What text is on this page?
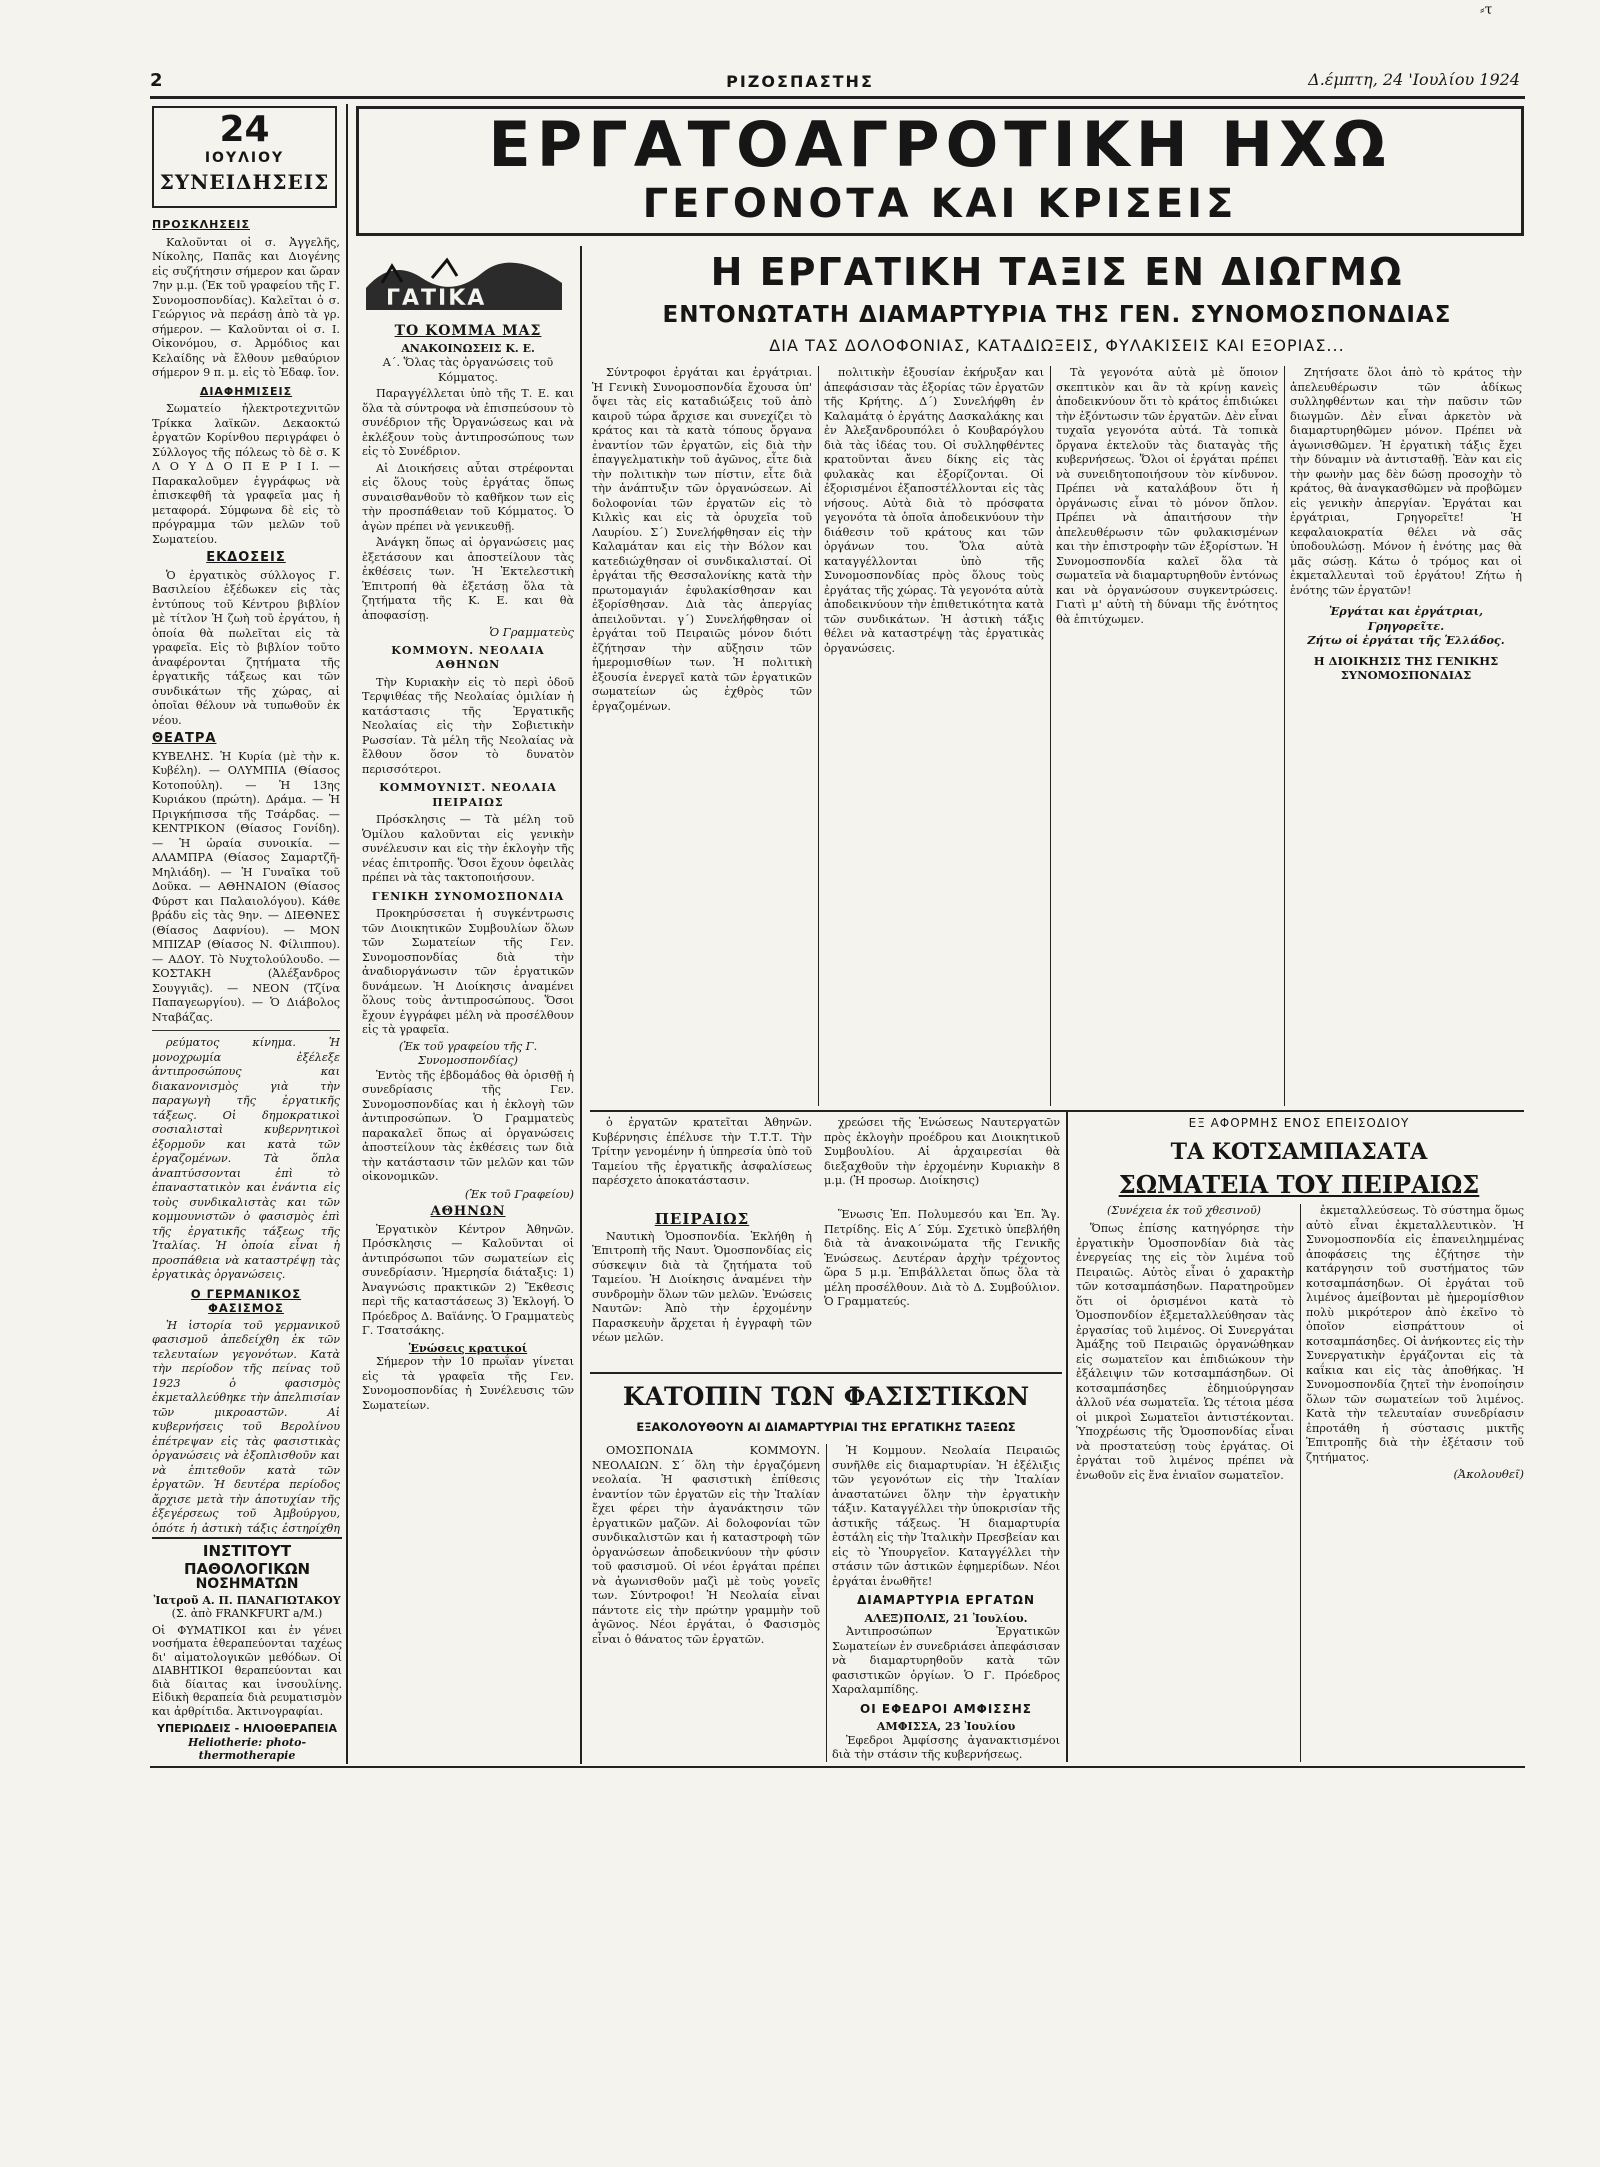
2	ΡΙΖΟΣΠΑΣΤΗΣ	Δ.έμπτη, 24 'Ιουλίου 1924
⸗τ
24
ΙΟΥΛΙΟΥ
ΣΥΝΕΙΔΗΣΕΙΣ
ΠΡΟΣΚΛΗΣΕΙΣ

Καλοῦνται οἱ σ. Ἀγγελῆς, Νίκολης, Παπᾶς και Διογένης εἰς συζήτησιν σήμερον και ὥραν 7ην μ.μ. (Ἐκ τοῦ γραφείου τῆς Γ. Συνομοσπονδίας). Καλεῖται ὁ σ. Γεώργιος νὰ περάσῃ ἀπὸ τὰ γρ. σήμερον. — Καλοῦνται οἱ σ. Ι. Οἰκονόμου, σ. Ἀρμόδιος και Κελαίδης νὰ ἔλθουν μεθαύριον σήμερον 9 π. μ. εἰς τὸ Ἐδαφ. ἴον.

ΔΙΑΦΗΜΙΣΕΙΣ

Σωματείο ἠλεκτροτεχνιτῶν Τρίκκα λαϊκῶν. Δεκαοκτώ ἐργατῶν Κορίνθου περιγράφει ὁ Σύλλογος τῆς πόλεως τὸ δὲ σ. Κ Λ Ο Υ Δ Ο Π Ε Ρ Ι Ι. — Παρακαλοῦμεν ἐγγράφως νὰ ἐπισκεφθῆ τὰ γραφεῖα μας ἡ μεταφορά. Σύμφωνα δὲ εἰς τὸ πρόγραμμα τῶν μελῶν τοῦ Σωματείου.

ΕΚΔΟΣΕΙΣ

Ὁ ἐργατικὸς σύλλογος Γ. Βασιλείου ἐξέδωκεν εἰς τὰς ἐντύπους τοῦ Κέντρου βιβλίον μὲ τίτλον Ἡ ζωὴ τοῦ ἐργάτου, ἡ ὁποία θὰ πωλεῖται εἰς τὰ γραφεῖα. Εἰς τὸ βιβλίον τοῦτο ἀναφέρονται ζητήματα τῆς ἐργατικῆς τάξεως και τῶν συνδικάτων τῆς χώρας, αἱ ὁποῖαι θέλουν νὰ τυπωθοῦν ἐκ νέου.

ΘΕΑΤΡΑ

ΚΥΒΕΛΗΣ. Ἡ Κυρία (μὲ τὴν κ. Κυβέλη). — ΟΛΥΜΠΙΑ (Θίασος Κοτοπούλη). — Ἡ 13ης Κυριάκου (πρώτη). Δράμα. — Ἡ Πριγκήπισσα τῆς Τσάρδας. — ΚΕΝΤΡΙΚΟΝ (Θίασος Γονίδη). — Ἡ ὡραία συνοικία. — ΑΛΑΜΠΡΑ (Θίασος Σαμαρτζῆ-Μηλιάδη). — Ἡ Γυναῖκα τοῦ Δοῦκα. — ΑΘΗΝΑΙΟΝ (Θίασος Φύρστ και Παλαιολόγου). Κάθε βράδυ εἰς τὰς 9ην. — ΔΙΕΘΝΕΣ (Θίασος Δαφνίου). — ΜΟΝ ΜΠΙΖΑΡ (Θίασος Ν. Φίλιππου). — ΑΔΟΥ. Τὸ Νυχτολούλουδο. — ΚΟΣΤΑΚΗ (Ἀλέξανδρος Σουγγιᾶς). — ΝΕΟΝ (Τζίνα Παπαγεωργίου). — Ὁ Διάβολος Νταβάζας.

ρεύματος κίνημα. Ἡ μονοχρωμία ἐξέλεξε ἀντιπροσώπους και διακανονισμὸς γιὰ τὴν παραγωγὴ τῆς ἐργατικῆς τάξεως. Οἱ δημοκρατικοὶ σοσιαλισταὶ κυβερνητικοὶ ἐξορμοῦν και κατὰ τῶν ἐργαζομένων. Τὰ ὅπλα ἀναπτύσσονται ἐπὶ τὸ ἐπαναστατικὸν και ἐνάντια εἰς τοὺς συνδικαλιστὰς και τῶν κομμουνιστῶν ὁ φασισμὸς ἐπὶ τῆς ἐργατικῆς τάξεως τῆς Ἰταλίας. Ἡ ὁποία εἶναι ἡ προσπάθεια νὰ καταστρέψῃ τὰς ἐργατικὰς ὀργανώσεις.

Ο ΓΕΡΜΑΝΙΚΟΣ ΦΑΣΙΣΜΟΣ

Ἡ ἱστορία τοῦ γερμανικοῦ φασισμοῦ ἀπεδείχθη ἐκ τῶν τελευταίων γεγονότων. Κατὰ τὴν περίοδον τῆς πείνας τοῦ 1923 ὁ φασισμὸς ἐκμεταλλεύθηκε τὴν ἀπελπισίαν τῶν μικροαστῶν. Αἱ κυβερνήσεις τοῦ Βερολίνου ἐπέτρεψαν εἰς τὰς φασιστικὰς ὀργανώσεις νὰ ἐξοπλισθοῦν και νὰ ἐπιτεθοῦν κατὰ τῶν ἐργατῶν. Ἡ δευτέρα περίοδος ἄρχισε μετὰ τὴν ἀποτυχίαν τῆς ἐξεγέρσεως τοῦ Ἀμβούργου, ὁπότε ἡ ἀστικὴ τάξις ἐστηρίχθη

ΙΝΣΤΙΤΟΥΤ ΠΑΘΟΛΟΓΙΚΩΝ
ΝΟΣΗΜΑΤΩΝ
Ἰατροῦ Α. Π. ΠΑΝΑΓΙΩΤΑΚΟΥ
(Σ. ἀπὸ FRANKFURT a/M.)
Οἱ ΦΥΜΑΤΙΚΟΙ και ἐν γένει νοσήματα ἐθεραπεύονται ταχέως δι' αἱματολογικῶν μεθόδων. Οἱ ΔΙΑΒΗΤΙΚΟΙ θεραπεύονται και διὰ δίαιτας και ἰνσουλίνης. Εἰδικὴ θεραπεία διὰ ρευματισμὸν και ἀρθρίτιδα. Ἀκτινογραφίαι.
ΥΠΕΡΙΩΔΕΙΣ - ΗΛΙΟΘΕΡΑΠΕΙΑ
Heliotherie: photo-thermotherapie
ΕΡΓΑΤΟΑΓΡΟΤΙΚΗ ΗΧΩ
ΓΕΓΟΝΟΤΑ ΚΑΙ ΚΡΙΣΕΙΣ
ΓΑΤΙΚΑ
ΤΟ ΚΟΜΜΑ ΜΑΣ
ΑΝΑΚΟΙΝΩΣΕΙΣ Κ. Ε.

Α΄. Ὅλας τὰς ὀργανώσεις τοῦ Κόμματος.

Παραγγέλλεται ὑπὸ τῆς Τ. Ε. και ὅλα τὰ σύντροφα νὰ ἐπισπεύσουν τὸ συνέδριον τῆς Ὀργανώσεως και νὰ ἐκλέξουν τοὺς ἀντιπροσώπους των εἰς τὸ Συνέδριον.

Αἱ Διοικήσεις αὗται στρέφονται εἰς ὅλους τοὺς ἐργάτας ὅπως συναισθανθοῦν τὸ καθῆκον των εἰς τὴν προσπάθειαν τοῦ Κόμματος. Ὁ ἀγὼν πρέπει νὰ γενικευθῇ.

Ἀνάγκη ὅπως αἱ ὀργανώσεις μας ἐξετάσουν και ἀποστείλουν τὰς ἐκθέσεις των. Ἡ Ἐκτελεστικὴ Ἐπιτροπή θὰ ἐξετάσῃ ὅλα τὰ ζητήματα τῆς Κ. Ε. και θὰ ἀποφασίσῃ.

Ὁ Γραμματεὺς
ΚΟΜΜΟΥΝ. ΝΕΟΛΑΙΑ ΑΘΗΝΩΝ

Τὴν Κυριακὴν εἰς τὸ περὶ ὁδοῦ Τερψιθέας τῆς Νεολαίας ὁμιλίαν ἡ κατάστασις τῆς Ἐργατικῆς Νεολαίας εἰς τὴν Σοβιετικὴν Ρωσσίαν. Τὰ μέλη τῆς Νεολαίας νὰ ἔλθουν ὅσον τὸ δυνατὸν περισσότεροι.

ΚΟΜΜΟΥΝΙΣΤ. ΝΕΟΛΑΙΑ ΠΕΙΡΑΙΩΣ

Πρόσκλησις — Τὰ μέλη τοῦ Ὁμίλου καλοῦνται εἰς γενικὴν συνέλευσιν και εἰς τὴν ἐκλογὴν τῆς νέας ἐπιτροπῆς. Ὅσοι ἔχουν ὀφειλὰς πρέπει νὰ τὰς τακτοποιήσουν.

ΓΕΝΙΚΗ ΣΥΝΟΜΟΣΠΟΝΔΙΑ

Προκηρύσσεται ἡ συγκέντρωσις τῶν Διοικητικῶν Συμβουλίων ὅλων τῶν Σωματείων τῆς Γεν. Συνομοσπονδίας διὰ τὴν ἀναδιοργάνωσιν τῶν ἐργατικῶν δυνάμεων. Ἡ Διοίκησις ἀναμένει ὅλους τοὺς ἀντιπροσώπους. Ὅσοι ἔχουν ἐγγράφει μέλη νὰ προσέλθουν εἰς τὰ γραφεῖα.

(Ἐκ τοῦ γραφείου τῆς Γ. Συνομοσπονδίας)

Ἐντὸς τῆς ἑβδομάδος θὰ ὁρισθῇ ἡ συνεδρίασις τῆς Γεν. Συνομοσπονδίας και ἡ ἐκλογὴ τῶν ἀντιπροσώπων. Ὁ Γραμματεὺς παρακαλεῖ ὅπως αἱ ὀργανώσεις ἀποστείλουν τὰς ἐκθέσεις των διὰ τὴν κατάστασιν τῶν μελῶν και τῶν οἰκονομικῶν.

(Ἐκ τοῦ Γραφείου)
ΑΘΗΝΩΝ

Ἐργατικὸν Κέντρον Ἀθηνῶν. Πρόσκλησις — Καλοῦνται οἱ ἀντιπρόσωποι τῶν σωματείων εἰς συνεδρίασιν. Ἡμερησία διάταξις: 1) Ἀναγνώσις πρακτικῶν 2) Ἔκθεσις περὶ τῆς καταστάσεως 3) Ἐκλογή. Ὁ Πρόεδρος Δ. Βαϊάνης. Ὁ Γραμματεὺς Γ. Τσατσάκης.

Ἑνώσεις κρατικοί

Σήμερον τὴν 10 πρωΐαν γίνεται εἰς τὰ γραφεῖα τῆς Γεν. Συνομοσπονδίας ἡ Συνέλευσις τῶν Σωματείων.

Η ΕΡΓΑΤΙΚΗ ΤΑΞΙΣ ΕΝ ΔΙΩΓΜΩ
ΕΝΤΟΝΩΤΑΤΗ ΔΙΑΜΑΡΤΥΡΙΑ ΤΗΣ ΓΕΝ. ΣΥΝΟΜΟΣΠΟΝΔΙΑΣ
ΔΙΑ ΤΑΣ ΔΟΛΟΦΟΝΙΑΣ, ΚΑΤΑΔΙΩΞΕΙΣ, ΦΥΛΑΚΙΣΕΙΣ ΚΑΙ ΕΞΟΡΙΑΣ...

Σύντροφοι ἐργάται και ἐργάτριαι. Ἡ Γενικὴ Συνομοσπονδία ἔχουσα ὑπ' ὄψει τὰς εἰς καταδιώξεις τοῦ ἀπὸ καιροῦ τώρα ἄρχισε και συνεχίζει τὸ κράτος και τὰ κατὰ τόπους ὄργανα ἐναντίον τῶν ἐργατῶν, εἰς διὰ τὴν ἐπαγγελματικὴν τοῦ ἀγῶνος, εἶτε διὰ τὴν πολιτικὴν των πίστιν, εἶτε διὰ τὴν ἀνάπτυξιν τῶν ὀργανώσεων. Αἱ δολοφονίαι τῶν ἐργατῶν εἰς τὸ Κιλκὶς και εἰς τὰ ὀρυχεῖα τοῦ Λαυρίου. Σ΄) Συνελήφθησαν εἰς τὴν Καλαμάταν και εἰς τὴν Βόλον και κατεδιώχθησαν οἱ συνδικαλισταί. Οἱ ἐργάται τῆς Θεσσαλονίκης κατὰ τὴν πρωτομαγιάν ἐφυλακίσθησαν και ἐξορίσθησαν. Διὰ τὰς ἀπεργίας ἀπειλοῦνται. γ΄) Συνελήφθησαν οἱ ἐργάται τοῦ Πειραιῶς μόνον διότι ἐζήτησαν τὴν αὔξησιν τῶν ἡμερομισθίων των. Ἡ πολιτικὴ ἐξουσία ἐνεργεῖ κατὰ τῶν ἐργατικῶν σωματείων ὡς ἐχθρὸς τῶν ἐργαζομένων.

πολιτικὴν ἐξουσίαν ἐκήρυξαν και ἀπεφάσισαν τὰς ἐξορίας τῶν ἐργατῶν τῆς Κρήτης. Δ΄) Συνελήφθη ἐν Καλαμάτᾳ ὁ ἐργάτης Δασκαλάκης και ἐν Ἀλεξανδρουπόλει ὁ Κουβαρόγλου διὰ τὰς ἰδέας του. Οἱ συλληφθέντες κρατοῦνται ἄνευ δίκης εἰς τὰς φυλακὰς και ἐξορίζονται. Οἱ ἐξορισμένοι ἐξαποστέλλονται εἰς τὰς νήσους. Αὐτὰ διὰ τὸ πρόσφατα γεγονότα τὰ ὁποῖα ἀποδεικνύουν τὴν διάθεσιν τοῦ κράτους και τῶν ὀργάνων του. Ὅλα αὐτὰ καταγγέλλονται ὑπὸ τῆς Συνομοσπονδίας πρὸς ὅλους τοὺς ἐργάτας τῆς χώρας. Τὰ γεγονότα αὐτὰ ἀποδεικνύουν τὴν ἐπιθετικότητα κατὰ τῶν συνδικάτων. Ἡ ἀστικὴ τάξις θέλει νὰ καταστρέψῃ τὰς ἐργατικὰς ὀργανώσεις.

Τὰ γεγονότα αὐτὰ μὲ ὅποιον σκεπτικὸν και ἂν τὰ κρίνῃ κανεὶς ἀποδεικνύουν ὅτι τὸ κράτος ἐπιδιώκει τὴν ἐξόντωσιν τῶν ἐργατῶν. Δὲν εἶναι τυχαῖα γεγονότα αὐτά. Τὰ τοπικὰ ὄργανα ἐκτελοῦν τὰς διαταγὰς τῆς κυβερνήσεως. Ὅλοι οἱ ἐργάται πρέπει νὰ συνειδητοποιήσουν τὸν κίνδυνον. Πρέπει νὰ καταλάβουν ὅτι ἡ ὀργάνωσις εἶναι τὸ μόνον ὅπλον. Πρέπει νὰ ἀπαιτήσουν τὴν ἀπελευθέρωσιν τῶν φυλακισμένων και τὴν ἐπιστροφὴν τῶν ἐξορίστων. Ἡ Συνομοσπονδία καλεῖ ὅλα τὰ σωματεῖα νὰ διαμαρτυρηθοῦν ἐντόνως και νὰ ὀργανώσουν συγκεντρώσεις. Γιατὶ μ' αὐτὴ τὴ δύναμι τῆς ἑνότητος θὰ ἐπιτύχωμεν.

Ζητήσατε ὅλοι ἀπὸ τὸ κράτος τὴν ἀπελευθέρωσιν τῶν ἀδίκως συλληφθέντων και τὴν παῦσιν τῶν διωγμῶν. Δὲν εἶναι ἀρκετὸν νὰ διαμαρτυρηθῶμεν μόνον. Πρέπει νὰ ἀγωνισθῶμεν. Ἡ ἐργατικὴ τάξις ἔχει τὴν δύναμιν νὰ ἀντισταθῇ. Ἐὰν και εἰς τὴν φωνὴν μας δὲν δώσῃ προσοχὴν τὸ κράτος, θὰ ἀναγκασθῶμεν νὰ προβῶμεν εἰς γενικὴν ἀπεργίαν. Ἐργάται και ἐργάτριαι, Γρηγορεῖτε! Ἡ κεφαλαιοκρατία θέλει νὰ σᾶς ὑποδουλώσῃ. Μόνον ἡ ἑνότης μας θὰ μᾶς σώσῃ. Κάτω ὁ τρόμος και οἱ ἐκμεταλλευταὶ τοῦ ἐργάτου! Ζήτω ἡ ἑνότης τῶν ἐργατῶν!

Ἐργάται και ἐργάτριαι, Γρηγορεῖτε.
Ζήτω οἱ ἐργάται τῆς Ἑλλάδος.
Η ΔΙΟΙΚΗΣΙΣ ΤΗΣ ΓΕΝΙΚΗΣ
ΣΥΝΟΜΟΣΠΟΝΔΙΑΣ

ὁ ἐργατῶν κρατεῖται Ἀθηνῶν. Κυβέρνησις ἐπέλυσε τὴν Τ.Τ.Τ. Τὴν Τρίτην γενομένην ἡ ὑπηρεσία ὑπὸ τοῦ Ταμείου τῆς ἐργατικῆς ἀσφαλίσεως παρέσχετο ἀποκατάστασιν.

χρεώσει τῆς Ἑνώσεως Ναυτεργατῶν πρὸς ἐκλογὴν προέδρου και Διοικητικοῦ Συμβουλίου. Αἱ ἀρχαιρεσίαι θὰ διεξαχθοῦν τὴν ἐρχομένην Κυριακὴν 8 μ.μ. (Ἡ προσωρ. Διοίκησις)

ΠΕΙΡΑΙΩΣ

Ναυτικὴ Ὁμοσπονδία. Ἐκλήθη ἡ Ἐπιτροπὴ τῆς Ναυτ. Ὁμοσπονδίας εἰς σύσκεψιν διὰ τὰ ζητήματα τοῦ Ταμείου. Ἡ Διοίκησις ἀναμένει τὴν συνδρομὴν ὅλων τῶν μελῶν. Ἐνώσεις Ναυτῶν: Ἀπὸ τὴν ἑρχομένην Παρασκευὴν ἄρχεται ἡ ἐγγραφὴ τῶν νέων μελῶν.

Ἕνωσις Ἐπ. Πολυμεσόυ και Ἐπ. Ἄγ. Πετρίδης. Εἰς Α΄ Σύμ. Σχετικὸ ὑπεβλήθη διὰ τὰ ἀνακοινώματα τῆς Γενικῆς Ἑνώσεως. Δευτέραν ἀρχὴν τρέχοντος ὥρα 5 μ.μ. Ἐπιβάλλεται ὅπως ὅλα τὰ μέλη προσέλθουν. Διὰ τὸ Δ. Συμβούλιον. Ὁ Γραμματεύς.

ΚΑΤΟΠΙΝ ΤΩΝ ΦΑΣΙΣΤΙΚΩΝ
ΕΞΑΚΟΛΟΥΘΟΥΝ ΑΙ ΔΙΑΜΑΡΤΥΡΙΑΙ ΤΗΣ ΕΡΓΑΤΙΚΗΣ ΤΑΞΕΩΣ

ΟΜΟΣΠΟΝΔΙΑ ΚΟΜΜΟΥΝ. ΝΕΟΛΑΙΩΝ. Σ΄ ὅλη τὴν ἐργαζόμενη νεολαία. Ἡ φασιστικὴ ἐπίθεσις ἐναντίον τῶν ἐργατῶν εἰς τὴν Ἰταλίαν ἔχει φέρει τὴν ἀγανάκτησιν τῶν ἐργατικῶν μαζῶν. Αἱ δολοφονίαι τῶν συνδικαλιστῶν και ἡ καταστροφὴ τῶν ὀργανώσεων ἀποδεικνύουν τὴν φύσιν τοῦ φασισμοῦ. Οἱ νέοι ἐργάται πρέπει νὰ ἀγωνισθοῦν μαζὶ μὲ τοὺς γονεῖς των. Σύντροφοι! Ἡ Νεολαία εἶναι πάντοτε εἰς τὴν πρώτην γραμμὴν τοῦ ἀγῶνος. Νέοι ἐργάται, ὁ Φασισμὸς εἶναι ὁ θάνατος τῶν ἐργατῶν.

Ἡ Κομμουν. Νεολαία Πειραιῶς συνῆλθε εἰς διαμαρτυρίαν. Ἡ ἐξέλιξις τῶν γεγονότων εἰς τὴν Ἰταλίαν ἀναστατώνει ὅλην τὴν ἐργατικὴν τάξιν. Καταγγέλλει τὴν ὑποκρισίαν τῆς ἀστικῆς τάξεως. Ἡ διαμαρτυρία ἐστάλη εἰς τὴν Ἰταλικὴν Πρεσβείαν και εἰς τὸ Ὑπουργεῖον. Καταγγέλλει τὴν στάσιν τῶν ἀστικῶν ἐφημερίδων. Νέοι ἐργάται ἑνωθῆτε!

ΔΙΑΜΑΡΤΥΡΙΑ ΕΡΓΑΤΩΝ
ΑΛΕΞ)ΠΟΛΙΣ, 21 Ἰουλίου.

Ἀντιπροσώπων Ἐργατικῶν Σωματείων ἐν συνεδριάσει ἀπεφάσισαν νὰ διαμαρτυρηθοῦν κατὰ τῶν φασιστικῶν ὀργίων. Ὁ Γ. Πρόεδρος Χαραλαμπίδης.

ΟΙ ΕΦΕΔΡΟΙ ΑΜΦΙΣΣΗΣ
ΑΜΦΙΣΣΑ, 23 Ἰουλίου

Ἐφεδροι Ἀμφίσσης ἀγανακτισμένοι διὰ τὴν στάσιν τῆς κυβερνήσεως.

ΕΞ ΑΦΟΡΜΗΣ ΕΝΟΣ ΕΠΕΙΣΟΔΙΟΥ
ΤΑ ΚΟΤΣΑΜΠΑΣΑΤΑ
ΣΩΜΑΤΕΙΑ ΤΟΥ ΠΕΙΡΑΙΩΣ
(Συνέχεια ἐκ τοῦ χθεσινοῦ)

Ὅπως ἐπίσης κατηγόρησε τὴν ἐργατικὴν Ὁμοσπονδίαν διὰ τὰς ἐνεργείας της εἰς τὸν λιμένα τοῦ Πειραιῶς. Αὐτὸς εἶναι ὁ χαρακτὴρ τῶν κοτσαμπάσηδων. Παρατηροῦμεν ὅτι οἱ ὁρισμένοι κατὰ τὸ Ὁμοσπονδίον ἐξεμεταλλεύθησαν τὰς ἐργασίας τοῦ λιμένος. Οἱ Συνεργάται Ἀμάξης τοῦ Πειραιῶς ὀργανώθηκαν εἰς σωματεῖον και ἐπιδιώκουν τὴν ἐξάλειψιν τῶν κοτσαμπάσηδων. Οἱ κοτσαμπάσηδες ἐδημιούργησαν ἀλλοῦ νέα σωματεῖα. Ὡς τέτοια μέσα οἱ μικροὶ Σωματεῖοι ἀντιστέκονται. Ὑποχρέωσις τῆς Ὁμοσπονδίας εἶναι νὰ προστατεύσῃ τοὺς ἐργάτας. Οἱ ἐργάται τοῦ λιμένος πρέπει νὰ ἐνωθοῦν εἰς ἕνα ἑνιαῖον σωματεῖον.

ἐκμεταλλεύσεως. Τὸ σύστημα ὅμως αὐτὸ εἶναι ἐκμεταλλευτικὸν. Ἡ Συνομοσπονδία εἰς ἐπανειλημμένας ἀποφάσεις της ἐζήτησε τὴν κατάργησιν τοῦ συστήματος τῶν κοτσαμπάσηδων. Οἱ ἐργάται τοῦ λιμένος ἀμείβονται μὲ ἡμερομίσθιον πολὺ μικρότερον ἀπὸ ἐκεῖνο τὸ ὁποῖον εἰσπράττουν οἱ κοτσαμπάσηδες. Οἱ ἀνήκοντες εἰς τὴν Συνεργατικὴν ἐργάζονται εἰς τὰ καΐκια και εἰς τὰς ἀποθήκας. Ἡ Συνομοσπονδία ζητεῖ τὴν ἑνοποίησιν ὅλων τῶν σωματείων τοῦ λιμένος. Κατὰ τὴν τελευταίαν συνεδρίασιν ἐπροτάθη ἡ σύστασις μικτῆς Ἐπιτροπῆς διὰ τὴν ἐξέτασιν τοῦ ζητήματος.

(Ἀκολουθεῖ)
